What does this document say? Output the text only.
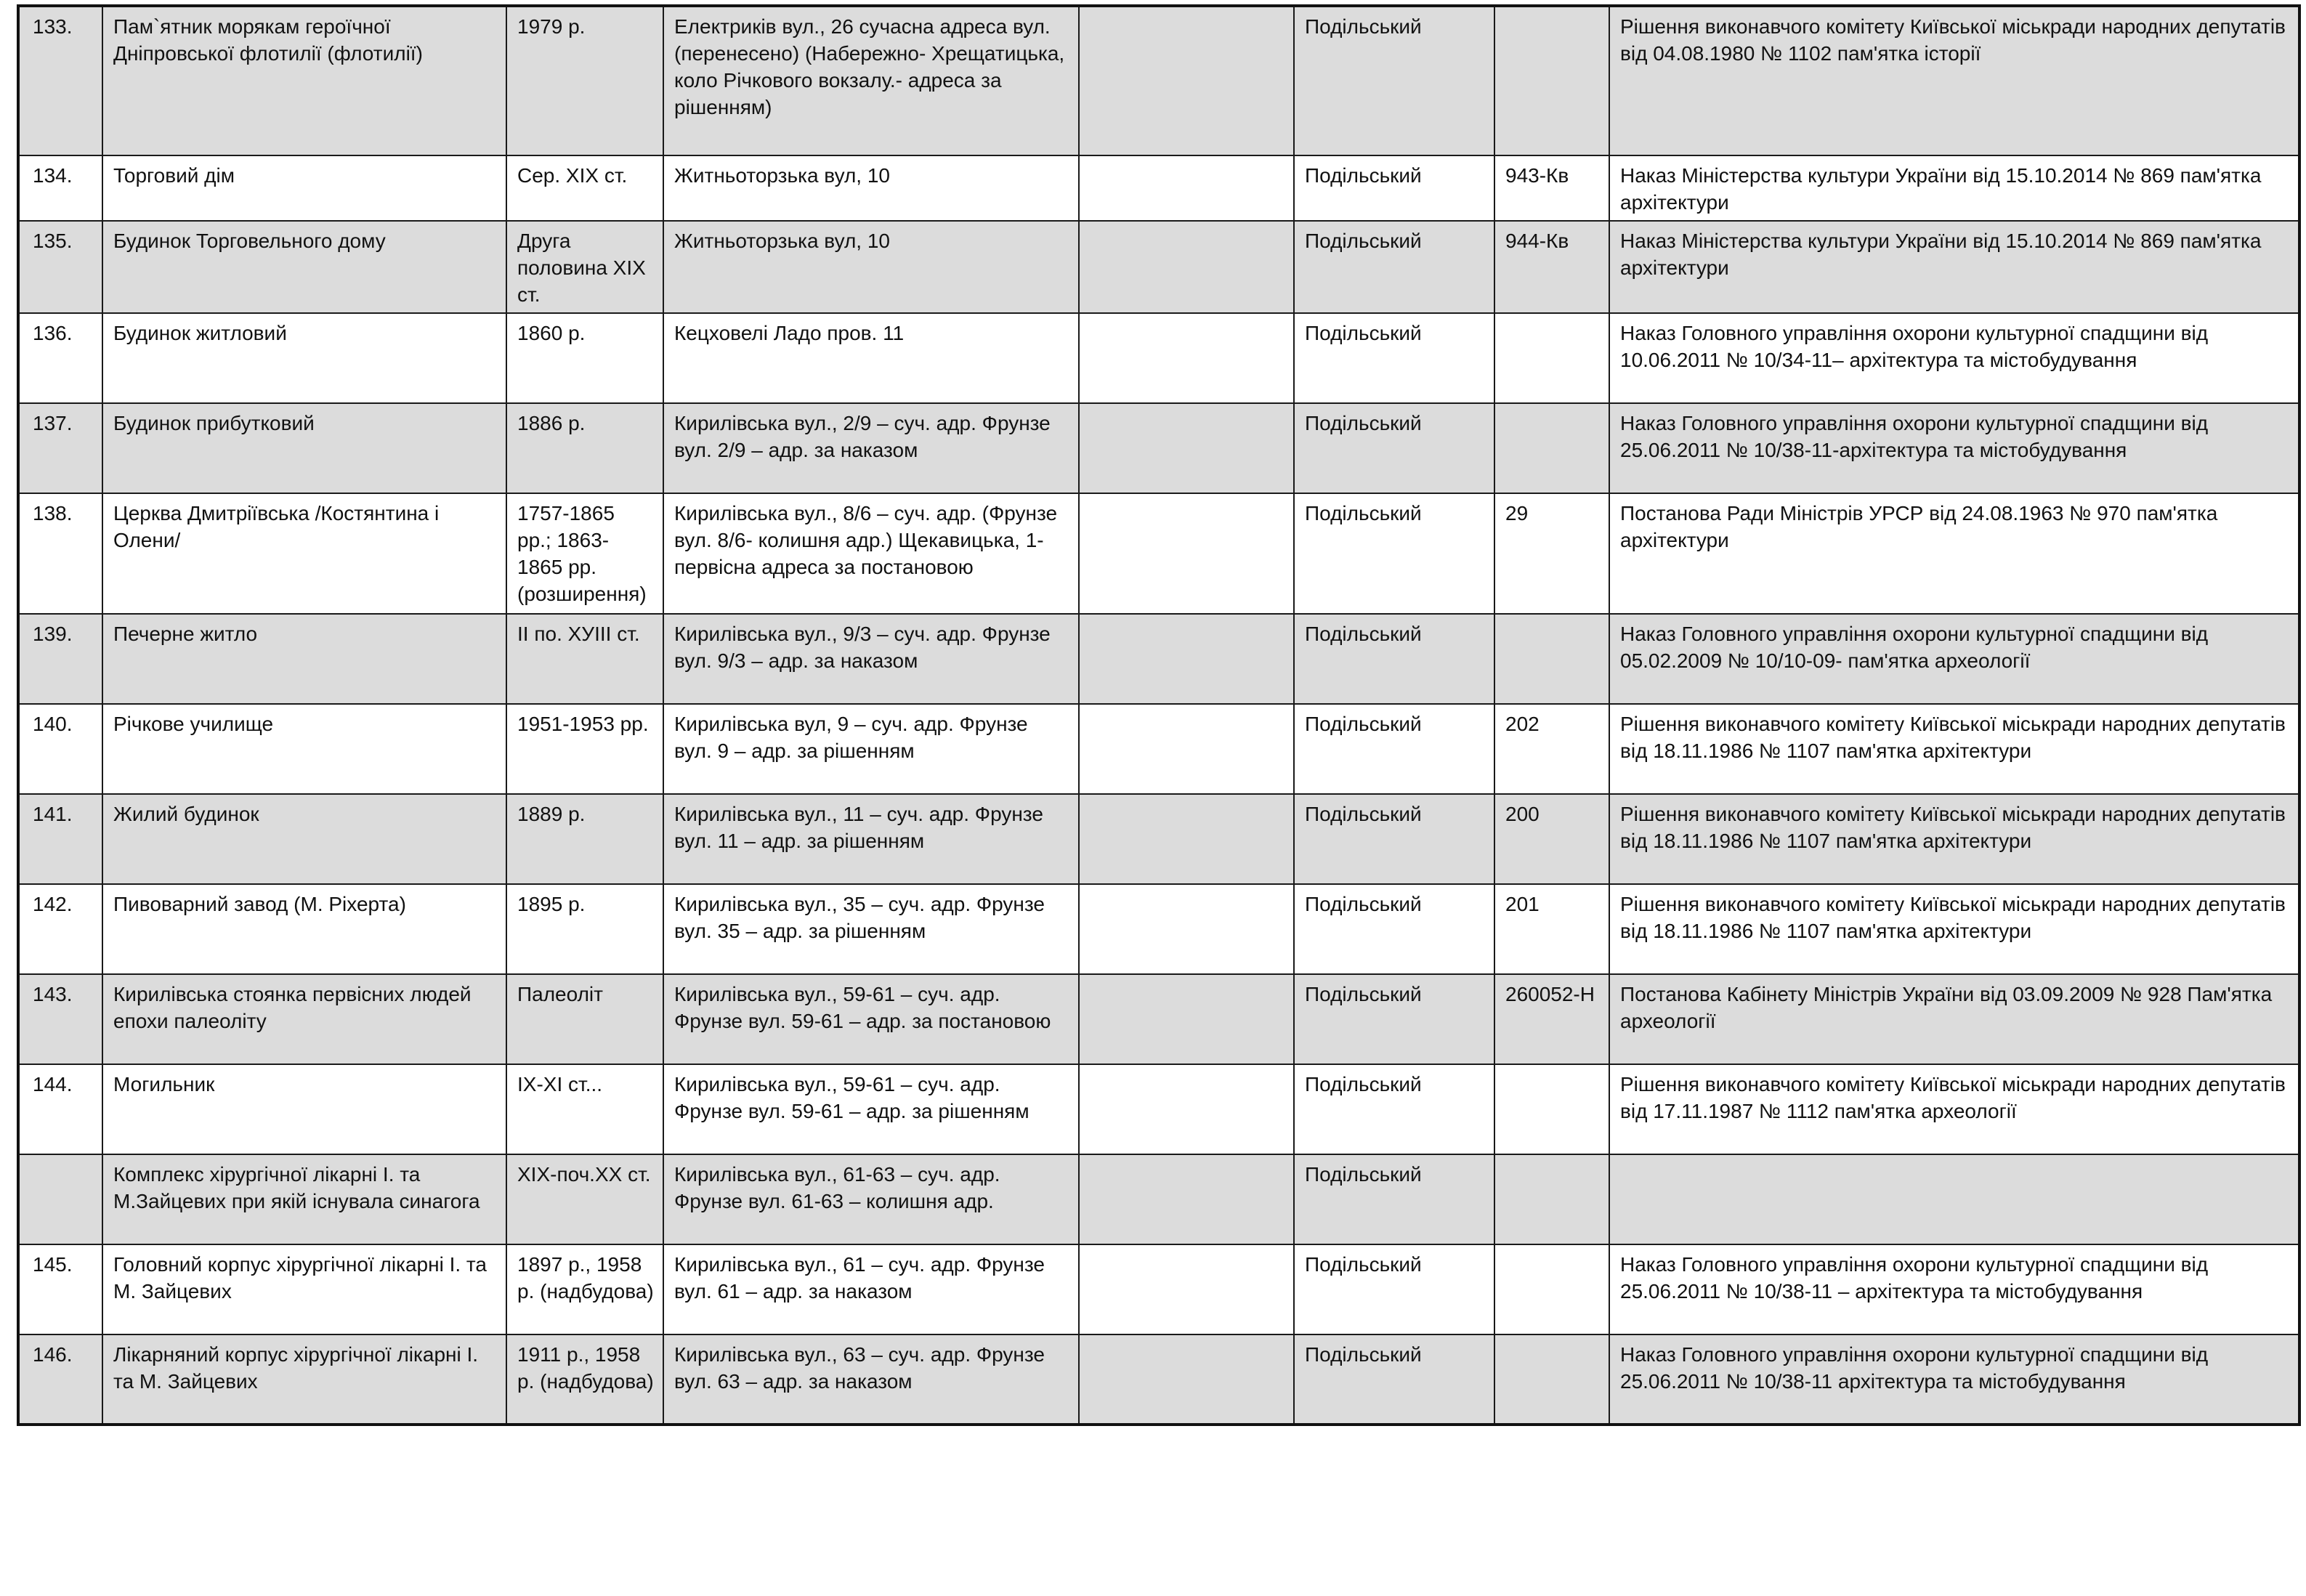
133.	Пам`ятник морякам героїчної Дніпровської флотилії (флотилії)	1979 р.	Електриків вул., 26 сучасна адреса вул. (перенесено) (Набережно- Хрещатицька, коло Річкового вокзалу.- адреса за рішенням)		Подільський		Рішення виконавчого комітету Київської міськради народних депутатів від 04.08.1980 № 1102 пам'ятка історії
134.	Торговий дім	Сер. ХІХ ст.	Житньоторзька вул, 10		Подільський	943-Кв	Наказ Міністерства культури України від 15.10.2014 № 869 пам'ятка архітектури
135.	Будинок Торговельного дому	Друга половина ХІХ ст.	Житньоторзька вул, 10		Подільський	944-Кв	Наказ Міністерства культури України від 15.10.2014 № 869 пам'ятка архітектури
136.	Будинок житловий	1860 р.	Кецховелі Ладо пров. 11		Подільський		Наказ Головного управління охорони культурної спадщини від 10.06.2011 № 10/34-11– архітектура та містобудування
137.	Будинок прибутковий	1886 р.	Кирилівська вул., 2/9 – суч. адр. Фрунзе вул. 2/9 – адр. за наказом		Подільський		Наказ Головного управління охорони культурної спадщини від 25.06.2011 № 10/38-11-архітектура та містобудування
138.	Церква Дмитріївська /Костянтина і Олени/	1757-1865 рр.; 1863-1865 рр. (розширення)	Кирилівська вул., 8/6 – суч. адр. (Фрунзе вул. 8/6- колишня адр.) Щекавицька, 1- первісна адреса за постановою		Подільський	29	Постанова Ради Міністрів УРСР від 24.08.1963 № 970 пам'ятка архітектури
139.	Печерне житло	ІІ по. ХУІІІ ст.	Кирилівська вул., 9/3 – суч. адр. Фрунзе вул. 9/3 – адр. за наказом		Подільський		Наказ Головного управління охорони культурної спадщини від 05.02.2009 № 10/10-09- пам'ятка археології
140.	Річкове училище	1951-1953 рр.	Кирилівська вул, 9 – суч. адр. Фрунзе вул. 9 – адр. за рішенням		Подільський	202	Рішення виконавчого комітету Київської міськради народних депутатів від 18.11.1986 № 1107 пам'ятка архітектури
141.	Жилий будинок	1889 р.	Кирилівська вул., 11 – суч. адр. Фрунзе вул. 11 – адр. за рішенням		Подільський	200	Рішення виконавчого комітету Київської міськради народних депутатів від 18.11.1986 № 1107 пам'ятка архітектури
142.	Пивоварний завод (М. Ріхерта)	1895 р.	Кирилівська вул., 35 – суч. адр. Фрунзе вул. 35 – адр. за рішенням		Подільський	201	Рішення виконавчого комітету Київської міськради народних депутатів від 18.11.1986 № 1107 пам'ятка архітектури
143.	Кирилівська стоянка первісних людей епохи палеоліту	Палеоліт	Кирилівська вул., 59-61 – суч. адр. Фрунзе вул. 59-61 – адр. за постановою		Подільський	260052-Н	Постанова Кабінету Міністрів України від 03.09.2009 № 928 Пам'ятка археології
144.	Могильник	ІХ-ХІ ст...	Кирилівська вул., 59-61 – суч. адр. Фрунзе вул. 59-61 – адр. за рішенням		Подільський		Рішення виконавчого комітету Київської міськради народних депутатів від 17.11.1987 № 1112 пам'ятка археології
	Комплекс хірургічної лікарні І. та М.Зайцевих при якій існувала синагога	ХІХ-поч.ХХ ст.	Кирилівська вул., 61-63 – суч. адр. Фрунзе вул. 61-63 – колишня адр.		Подільський		
145.	Головний корпус хірургічної лікарні І. та М. Зайцевих	1897 р., 1958 р. (надбудова)	Кирилівська вул., 61 – суч. адр. Фрунзе вул. 61 – адр. за наказом		Подільський		Наказ Головного управління охорони культурної спадщини від 25.06.2011 № 10/38-11 – архітектура та містобудування
146.	Лікарняний корпус хірургічної лікарні І. та М. Зайцевих	1911 р., 1958 р. (надбудова)	Кирилівська вул., 63 – суч. адр. Фрунзе вул. 63 – адр. за наказом		Подільський		Наказ Головного управління охорони культурної спадщини від 25.06.2011 № 10/38-11 архітектура та містобудування
